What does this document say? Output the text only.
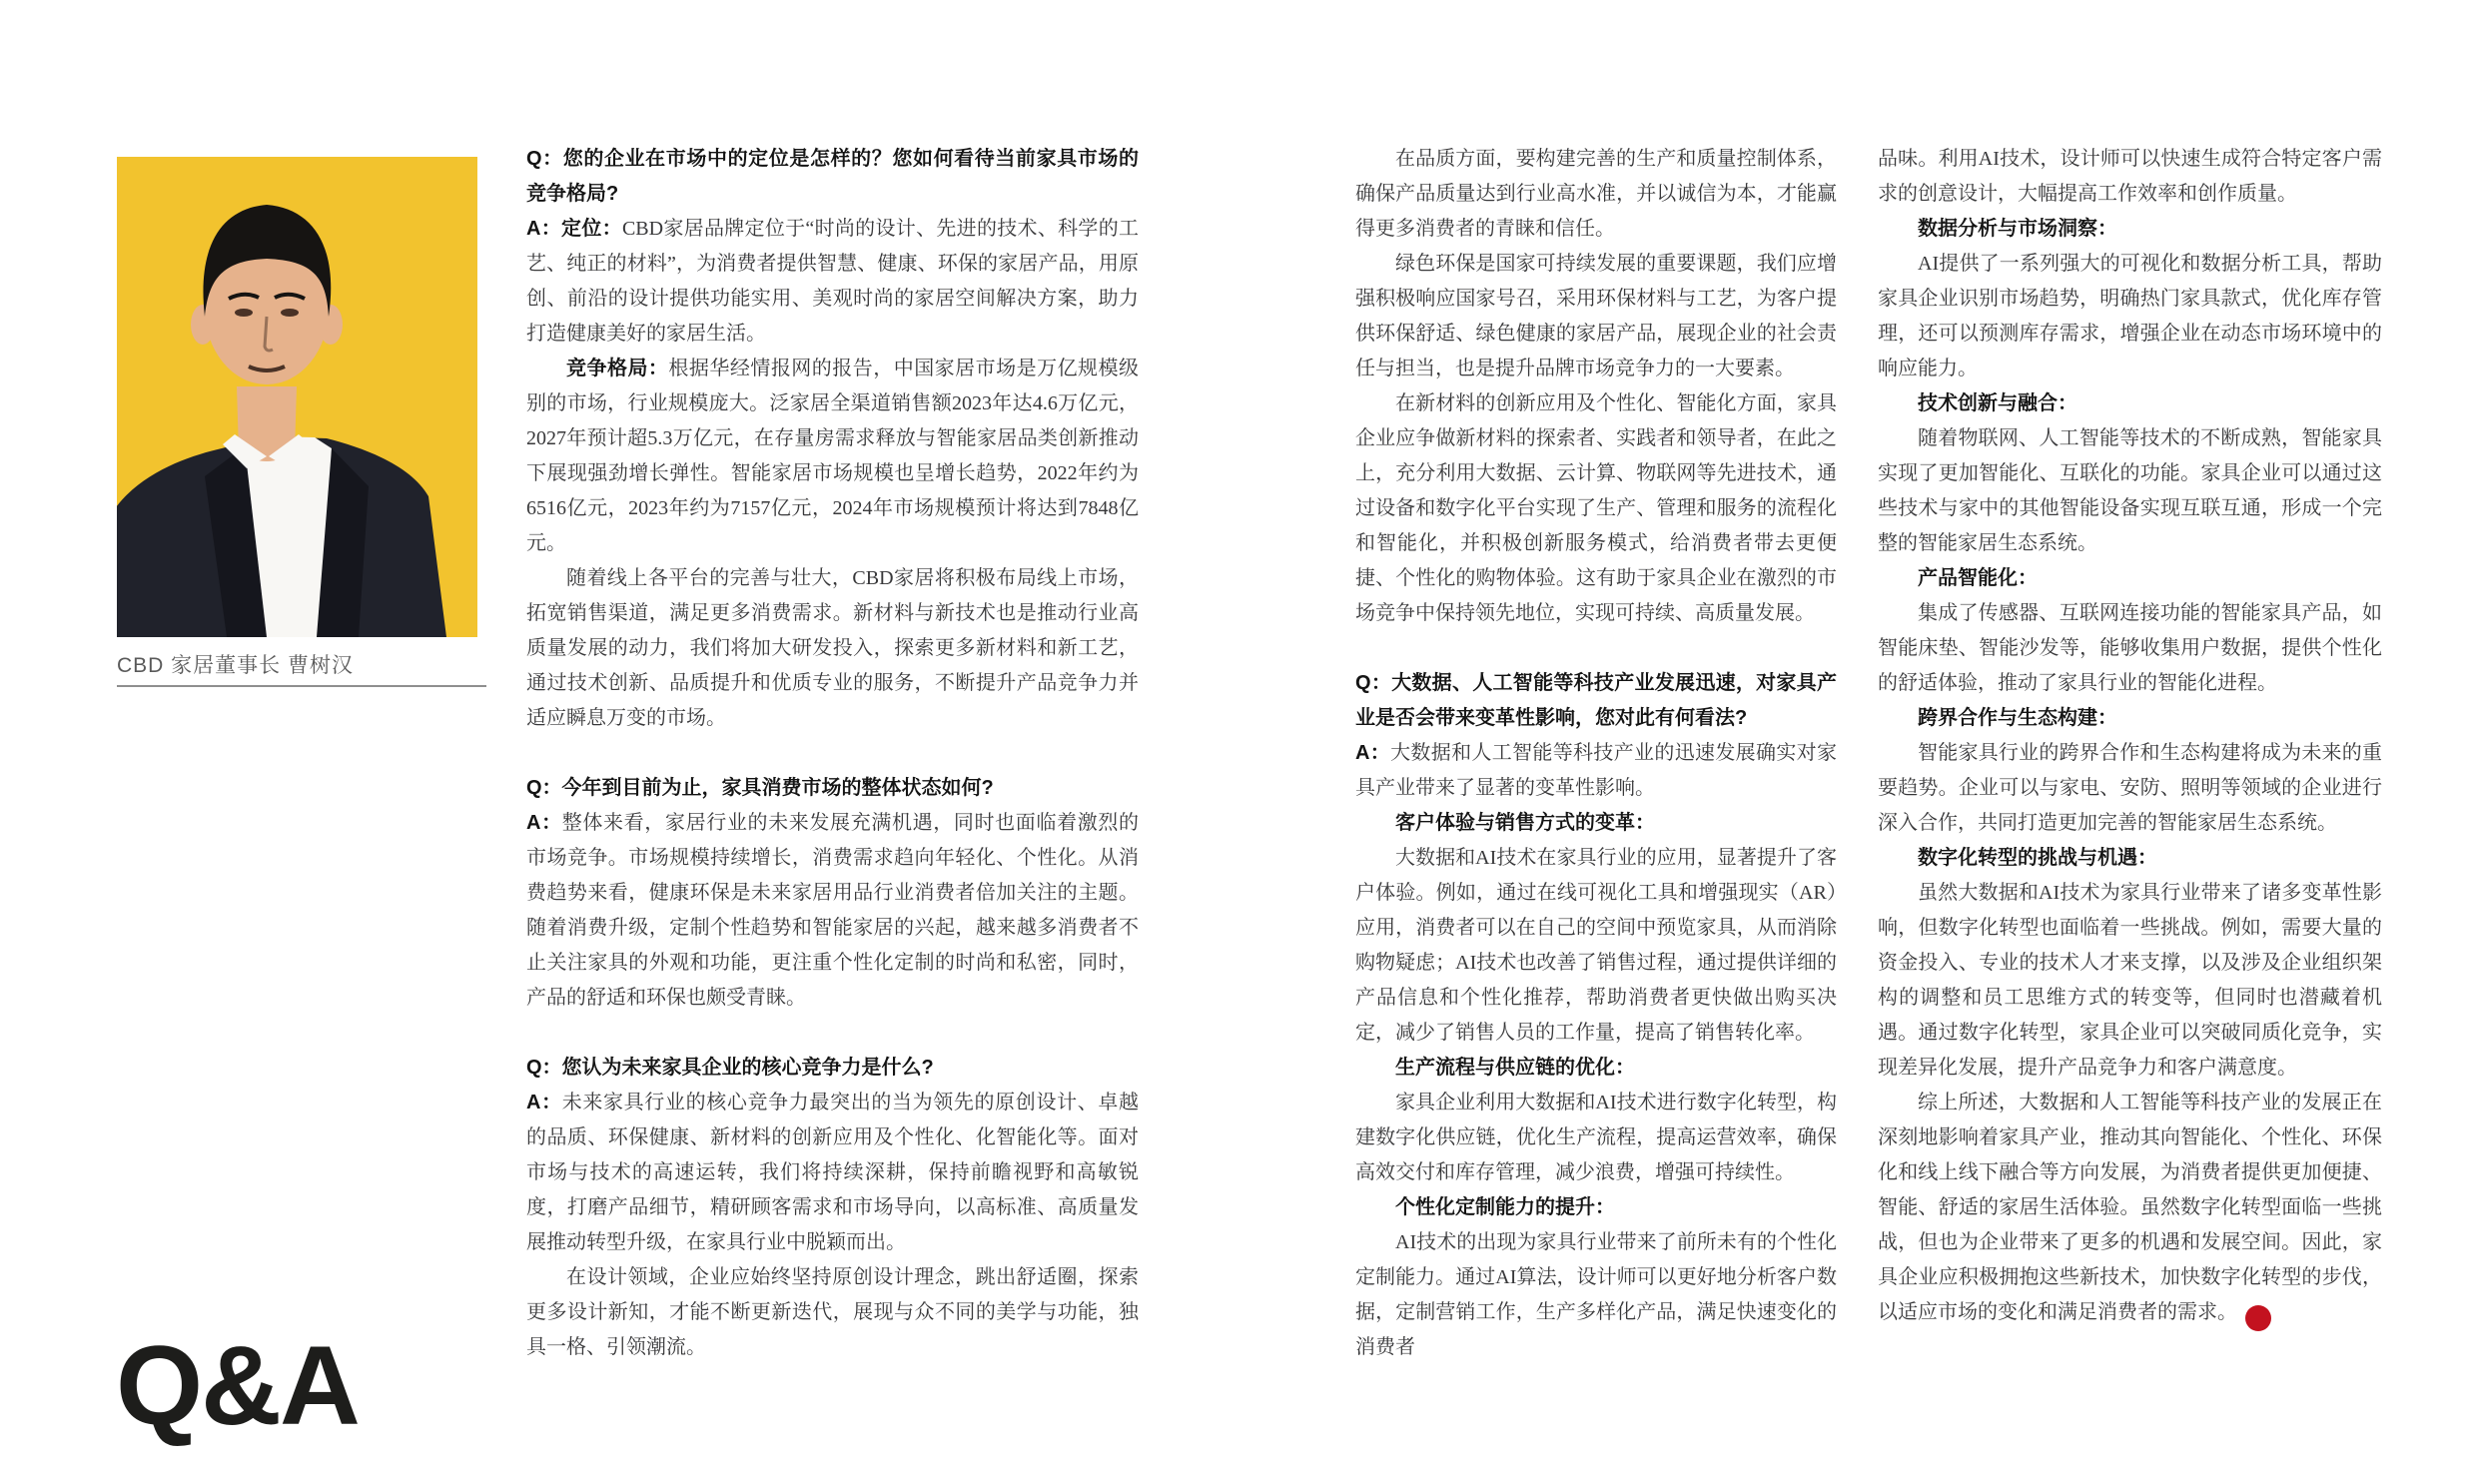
CBD 家居董事长 曹树汉
Q&A

Q：您的企业在市场中的定位是怎样的？您如何看待当前家具市场的竞争格局?

A：定位：CBD家居品牌定位于“时尚的设计、先进的技术、科学的工艺、纯正的材料”，为消费者提供智慧、健康、环保的家居产品，用原创、前沿的设计提供功能实用、美观时尚的家居空间解决方案，助力打造健康美好的家居生活。

竞争格局：根据华经情报网的报告，中国家居市场是万亿规模级别的市场，行业规模庞大。泛家居全渠道销售额2023年达4.6万亿元，2027年预计超5.3万亿元，在存量房需求释放与智能家居品类创新推动下展现强劲增长弹性。智能家居市场规模也呈增长趋势，2022年约为6516亿元，2023年约为7157亿元，2024年市场规模预计将达到7848亿元。

随着线上各平台的完善与壮大，CBD家居将积极布局线上市场，拓宽销售渠道，满足更多消费需求。新材料与新技术也是推动行业高质量发展的动力，我们将加大研发投入，探索更多新材料和新工艺，通过技术创新、品质提升和优质专业的服务，不断提升产品竞争力并适应瞬息万变的市场。

Q：今年到目前为止，家具消费市场的整体状态如何?

A：整体来看，家居行业的未来发展充满机遇，同时也面临着激烈的市场竞争。市场规模持续增长，消费需求趋向年轻化、个性化。从消费趋势来看，健康环保是未来家居用品行业消费者倍加关注的主题。随着消费升级，定制个性趋势和智能家居的兴起，越来越多消费者不止关注家具的外观和功能，更注重个性化定制的时尚和私密，同时，产品的舒适和环保也颇受青睐。

Q：您认为未来家具企业的核心竞争力是什么?

A：未来家具行业的核心竞争力最突出的当为领先的原创设计、卓越的品质、环保健康、新材料的创新应用及个性化、化智能化等。面对市场与技术的高速运转，我们将持续深耕，保持前瞻视野和高敏锐度，打磨产品细节，精研顾客需求和市场导向，以高标准、高质量发展推动转型升级，在家具行业中脱颖而出。

在设计领域，企业应始终坚持原创设计理念，跳出舒适圈，探索更多设计新知，才能不断更新迭代，展现与众不同的美学与功能，独具一格、引领潮流。

在品质方面，要构建完善的生产和质量控制体系，确保产品质量达到行业高水准，并以诚信为本，才能赢得更多消费者的青睐和信任。

绿色环保是国家可持续发展的重要课题，我们应增强积极响应国家号召，采用环保材料与工艺，为客户提供环保舒适、绿色健康的家居产品，展现企业的社会责任与担当，也是提升品牌市场竞争力的一大要素。

在新材料的创新应用及个性化、智能化方面，家具企业应争做新材料的探索者、实践者和领导者，在此之上，充分利用大数据、云计算、物联网等先进技术，通过设备和数字化平台实现了生产、管理和服务的流程化和智能化，并积极创新服务模式，给消费者带去更便捷、个性化的购物体验。这有助于家具企业在激烈的市场竞争中保持领先地位，实现可持续、高质量发展。

Q：大数据、人工智能等科技产业发展迅速，对家具产业是否会带来变革性影响，您对此有何看法?

A：大数据和人工智能等科技产业的迅速发展确实对家具产业带来了显著的变革性影响。

客户体验与销售方式的变革：

大数据和AI技术在家具行业的应用，显著提升了客户体验。例如，通过在线可视化工具和增强现实（AR）应用，消费者可以在自己的空间中预览家具，从而消除购物疑虑；AI技术也改善了销售过程，通过提供详细的产品信息和个性化推荐，帮助消费者更快做出购买决定，减少了销售人员的工作量，提高了销售转化率。

生产流程与供应链的优化：

家具企业利用大数据和AI技术进行数字化转型，构建数字化供应链，优化生产流程，提高运营效率，确保高效交付和库存管理，减少浪费，增强可持续性。

个性化定制能力的提升：

AI技术的出现为家具行业带来了前所未有的个性化定制能力。通过AI算法，设计师可以更好地分析客户数据，定制营销工作，生产多样化产品，满足快速变化的消费者

品味。利用AI技术，设计师可以快速生成符合特定客户需求的创意设计，大幅提高工作效率和创作质量。

数据分析与市场洞察：

AI提供了一系列强大的可视化和数据分析工具，帮助家具企业识别市场趋势，明确热门家具款式，优化库存管理，还可以预测库存需求，增强企业在动态市场环境中的响应能力。

技术创新与融合：

随着物联网、人工智能等技术的不断成熟，智能家具实现了更加智能化、互联化的功能。家具企业可以通过这些技术与家中的其他智能设备实现互联互通，形成一个完整的智能家居生态系统。

产品智能化：

集成了传感器、互联网连接功能的智能家具产品，如智能床垫、智能沙发等，能够收集用户数据，提供个性化的舒适体验，推动了家具行业的智能化进程。

跨界合作与生态构建：

智能家具行业的跨界合作和生态构建将成为未来的重要趋势。企业可以与家电、安防、照明等领域的企业进行深入合作，共同打造更加完善的智能家居生态系统。

数字化转型的挑战与机遇：

虽然大数据和AI技术为家具行业带来了诸多变革性影响，但数字化转型也面临着一些挑战。例如，需要大量的资金投入、专业的技术人才来支撑，以及涉及企业组织架构的调整和员工思维方式的转变等，但同时也潜藏着机遇。通过数字化转型，家具企业可以突破同质化竞争，实现差异化发展，提升产品竞争力和客户满意度。

综上所述，大数据和人工智能等科技产业的发展正在深刻地影响着家具产业，推动其向智能化、个性化、环保化和线上线下融合等方向发展，为消费者提供更加便捷、智能、舒适的家居生活体验。虽然数字化转型面临一些挑战，但也为企业带来了更多的机遇和发展空间。因此，家具企业应积极拥抱这些新技术，加快数字化转型的步伐，以适应市场的变化和满足消费者的需求。	G
